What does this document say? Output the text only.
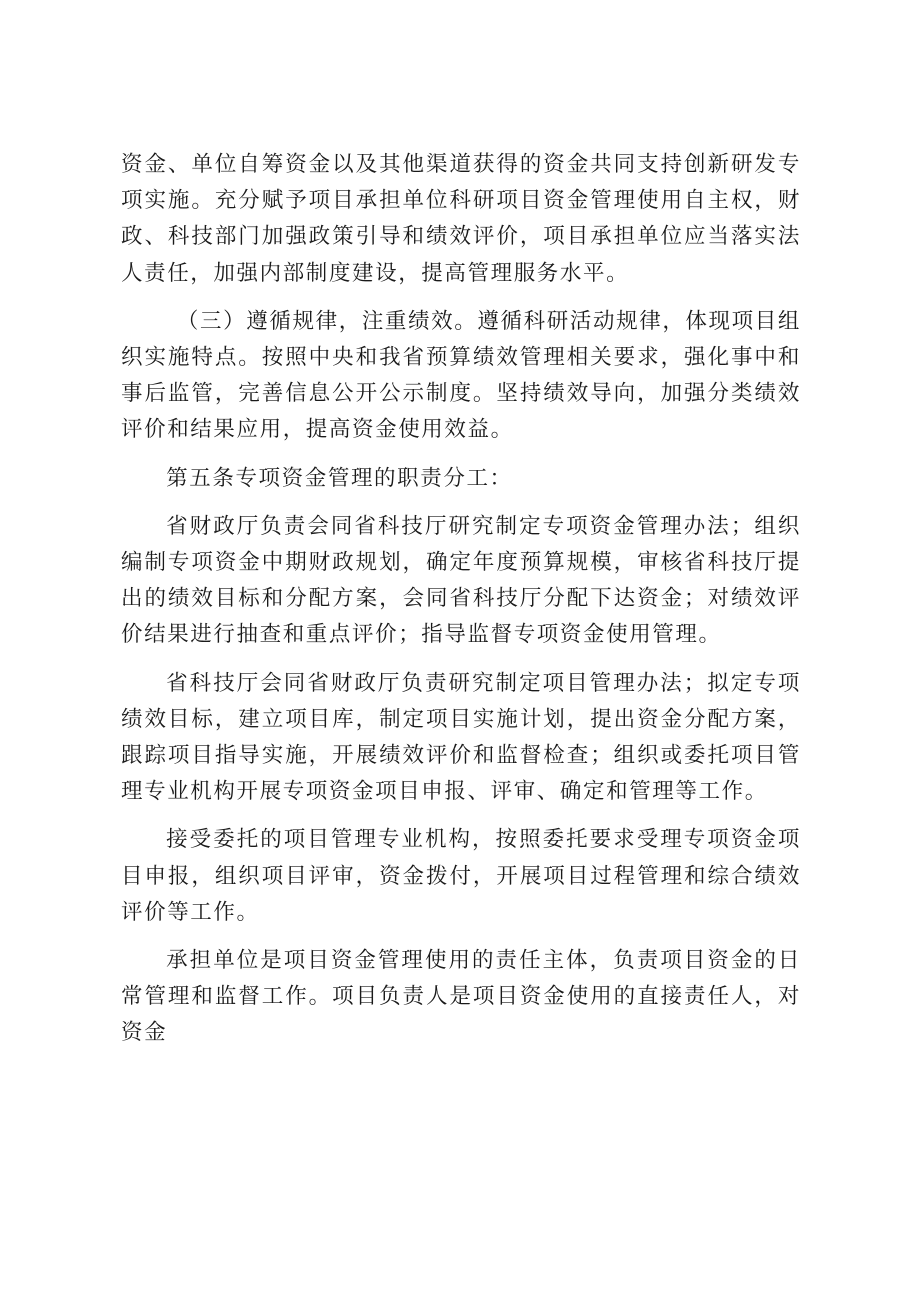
资金、单位自筹资金以及其他渠道获得的资金共同支持创新研发专项实施。充分赋予项目承担单位科研项目资金管理使用自主权，财政、科技部门加强政策引导和绩效评价，项目承担单位应当落实法人责任，加强内部制度建设，提高管理服务水平。

（三）遵循规律，注重绩效。遵循科研活动规律，体现项目组织实施特点。按照中央和我省预算绩效管理相关要求，强化事中和事后监管，完善信息公开公示制度。坚持绩效导向，加强分类绩效评价和结果应用，提高资金使用效益。

第五条专项资金管理的职责分工：

省财政厅负责会同省科技厅研究制定专项资金管理办法；组织编制专项资金中期财政规划，确定年度预算规模，审核省科技厅提出的绩效目标和分配方案，会同省科技厅分配下达资金；对绩效评价结果进行抽查和重点评价；指导监督专项资金使用管理。

省科技厅会同省财政厅负责研究制定项目管理办法；拟定专项绩效目标，建立项目库，制定项目实施计划，提出资金分配方案，跟踪项目指导实施，开展绩效评价和监督检查；组织或委托项目管理专业机构开展专项资金项目申报、评审、确定和管理等工作。

接受委托的项目管理专业机构，按照委托要求受理专项资金项目申报，组织项目评审，资金拨付，开展项目过程管理和综合绩效评价等工作。

承担单位是项目资金管理使用的责任主体，负责项目资金的日常管理和监督工作。项目负责人是项目资金使用的直接责任人，对资金
